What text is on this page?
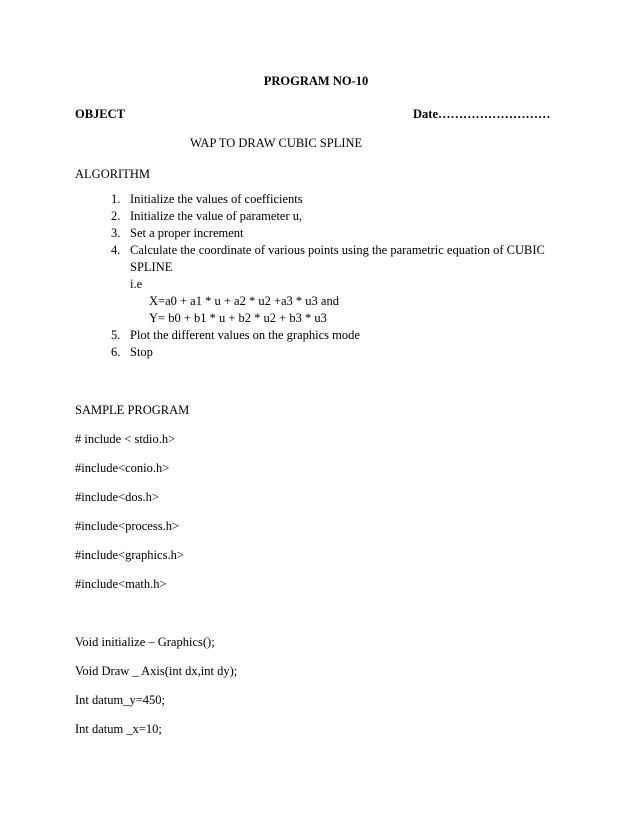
PROGRAM NO-10
OBJECT	Date………………………
WAP TO DRAW CUBIC SPLINE
ALGORITHM
1. Initialize the values of coefficients
2. Initialize the value of parameter u,
3. Set a proper increment
4. Calculate the coordinate of various points using the parametric equation of CUBIC
SPLINE
i.e
X=a0 + a1 * u + a2 * u2 +a3 * u3 and
Y= b0 + b1 * u + b2 * u2 + b3 * u3
5. Plot the different values on the graphics mode
6. Stop
SAMPLE PROGRAM
# include < stdio.h>
#include<conio.h>
#include<dos.h>
#include<process.h>
#include<graphics.h>
#include<math.h>
Void initialize – Graphics();
Void Draw _ Axis(int dx,int dy);
Int datum_y=450;
Int datum _x=10;
